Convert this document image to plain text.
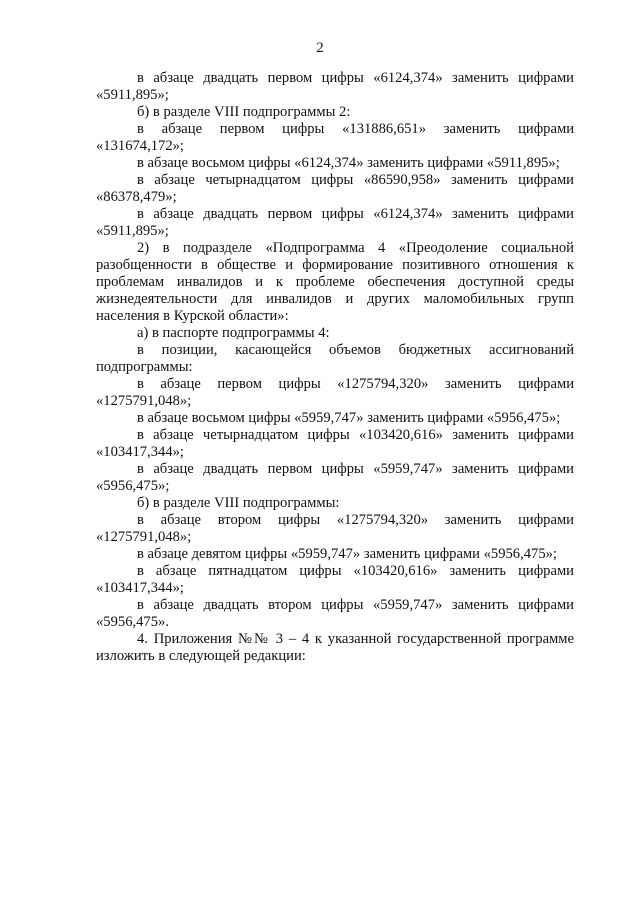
2

в абзаце двадцать первом цифры «6124,374» заменить цифрами «5911,895»;

б) в разделе VIII подпрограммы 2:

в абзаце первом цифры «131886,651» заменить цифрами «131674,172»;

в абзаце восьмом цифры «6124,374» заменить цифрами «5911,895»;

в абзаце четырнадцатом цифры «86590,958» заменить цифрами «86378,479»;

в абзаце двадцать первом цифры «6124,374» заменить цифрами «5911,895»;

2) в подразделе «Подпрограмма 4 «Преодоление социальной разобщенности в обществе и формирование позитивного отношения к проблемам инвалидов и к проблеме обеспечения доступной среды жизнедеятельности для инвалидов и других маломобильных групп населения в Курской области»:

а) в паспорте подпрограммы 4:

в позиции, касающейся объемов бюджетных ассигнований подпрограммы:

в абзаце первом цифры «1275794,320» заменить цифрами «1275791,048»;

в абзаце восьмом цифры «5959,747» заменить цифрами «5956,475»;

в абзаце четырнадцатом цифры «103420,616» заменить цифрами «103417,344»;

в абзаце двадцать первом цифры «5959,747» заменить цифрами «5956,475»;

б) в разделе VIII подпрограммы:

в абзаце втором цифры «1275794,320» заменить цифрами «1275791,048»;

в абзаце девятом цифры «5959,747» заменить цифрами «5956,475»;

в абзаце пятнадцатом цифры «103420,616» заменить цифрами «103417,344»;

в абзаце двадцать втором цифры «5959,747» заменить цифрами «5956,475».

4. Приложения №№ 3 – 4 к указанной государственной программе изложить в следующей редакции:
